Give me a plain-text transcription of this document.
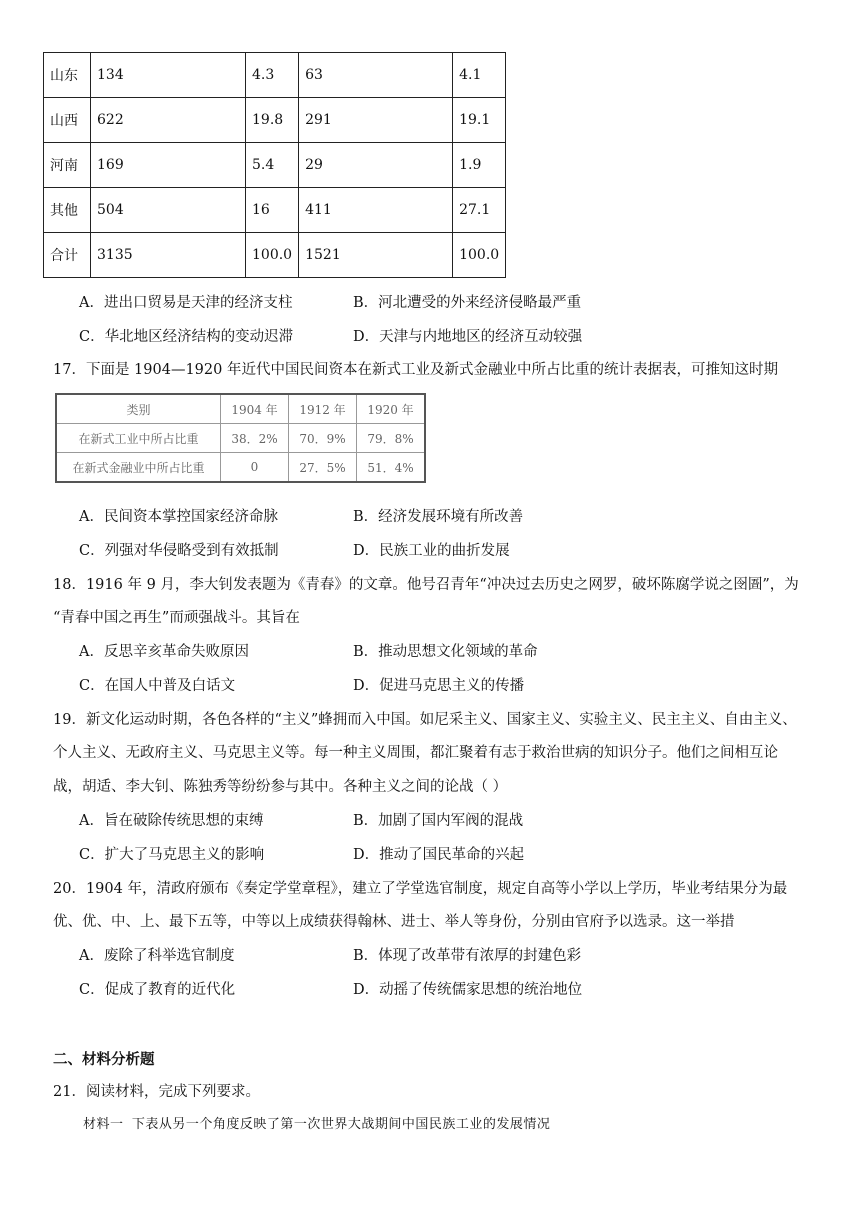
山东	134	4.3	63	4.1
山西	622	19.8	291	19.1
河南	169	5.4	29	1.9
其他	504	16	411	27.1
合计	3135	100.0	1521	100.0
A．进出口贸易是天津的经济支柱	B．河北遭受的外来经济侵略最严重
C．华北地区经济结构的变动迟滞	D．天津与内地地区的经济互动较强
17．下面是 1904—1920 年近代中国民间资本在新式工业及新式金融业中所占比重的统计表据表，可推知这时期
类别	1904 年	1912 年	1920 年
在新式工业中所占比重	38．2%	70．9%	79．8%
在新式金融业中所占比重	0	27．5%	51．4%
A．民间资本掌控国家经济命脉	B．经济发展环境有所改善
C．列强对华侵略受到有效抵制	D．民族工业的曲折发展
18．1916 年 9 月，李大钊发表题为《青春》的文章。他号召青年“冲决过去历史之网罗，破坏陈腐学说之囹圄”，为
“青春中国之再生”而顽强战斗。其旨在
A．反思辛亥革命失败原因	B．推动思想文化领域的革命
C．在国人中普及白话文	D．促进马克思主义的传播
19．新文化运动时期，各色各样的“主义”蜂拥而入中国。如尼采主义、国家主义、实验主义、民主主义、自由主义、
个人主义、无政府主义、马克思主义等。每一种主义周围，都汇聚着有志于救治世病的知识分子。他们之间相互论
战，胡适、李大钊、陈独秀等纷纷参与其中。各种主义之间的论战（ ）
A．旨在破除传统思想的束缚	B．加剧了国内军阀的混战
C．扩大了马克思主义的影响	D．推动了国民革命的兴起
20．1904 年，清政府颁布《奏定学堂章程》，建立了学堂选官制度，规定自高等小学以上学历，毕业考结果分为最
优、优、中、上、最下五等，中等以上成绩获得翰林、进士、举人等身份，分别由官府予以选录。这一举措
A．废除了科举选官制度	B．体现了改革带有浓厚的封建色彩
C．促成了教育的近代化	D．动摇了传统儒家思想的统治地位
二、材料分析题
21．阅读材料，完成下列要求。
材料一 下表从另一个角度反映了第一次世界大战期间中国民族工业的发展情况
